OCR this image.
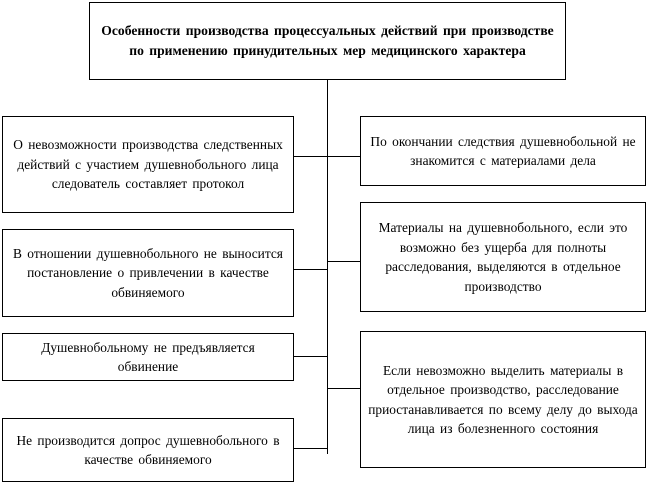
Особенности производства процессуальных действий при производстве по применению принудительных мер медицинского характера
О невозможности производства следственных действий с участием душевнобольного лица следователь составляет протокол
В отношении душевнобольного не выносится постановление о привлечении в качестве обвиняемого
Душевнобольному не предъявляется обвинение
Не производится допрос душевнобольного в качестве обвиняемого
По окончании следствия душевнобольной не знакомится с материалами дела
Материалы на душевнобольного, если это возможно без ущерба для полноты расследования, выделяются в отдельное производство
Если невозможно выделить материалы в отдельное производство, расследование приостанавливается по всему делу до выхода лица из болезненного состояния
